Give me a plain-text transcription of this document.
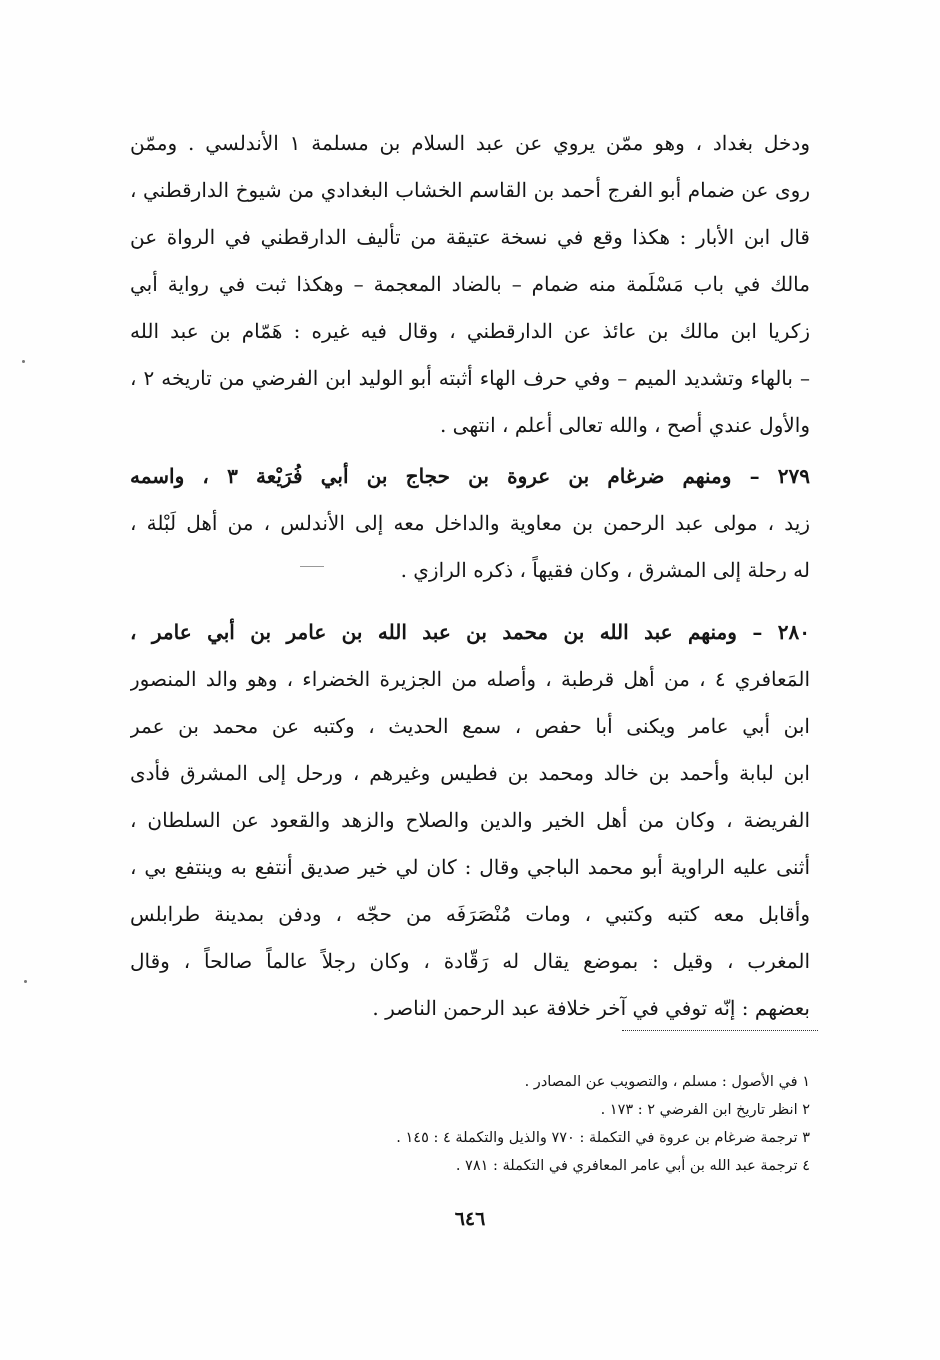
ودخل بغداد ، وهو ممّن يروي عن عبد السلام بن مسلمة ١ الأندلسي . وممّن
روى عن ضمام أبو الفرج أحمد بن القاسم الخشاب البغدادي من شيوخ الدارقطني ،
قال ابن الأبار : هكذا وقع في نسخة عتيقة من تأليف الدارقطني في الرواة عن
مالك في باب مَسْلَمة منه ضمام – بالضاد المعجمة – وهكذا ثبت في رواية أبي
زكريا ابن مالك بن عائذ عن الدارقطني ، وقال فيه غيره : هَمّام بن عبد الله
– بالهاء وتشديد الميم – وفي حرف الهاء أثبته أبو الوليد ابن الفرضي من تاريخه ٢ ،
والأول عندي أصح ، والله تعالى أعلم ، انتهى .
٢٧٩ – ومنهم ضرغام بن عروة بن حجاج بن أبي فُرَيْعة ٣ ، واسمه
زيد ، مولى عبد الرحمن بن معاوية والداخل معه إلى الأندلس ، من أهل لَبْلة ،
له رحلة إلى المشرق ، وكان فقيهاً ، ذكره الرازي .
٢٨٠ – ومنهم عبد الله بن محمد بن عبد الله بن عامر بن أبي عامر ،
المَعافري ٤ ، من أهل قرطبة ، وأصله من الجزيرة الخضراء ، وهو والد المنصور
ابن أبي عامر ويكنى أبا حفص ، سمع الحديث ، وكتبه عن محمد بن عمر
ابن لبابة وأحمد بن خالد ومحمد بن فطيس وغيرهم ، ورحل إلى المشرق فأدى
الفريضة ، وكان من أهل الخير والدين والصلاح والزهد والقعود عن السلطان ،
أثنى عليه الراوية أبو محمد الباجي وقال : كان لي خير صديق أنتفع به وينتفع بي ،
وأقابل معه كتبه وكتبي ، ومات مُنْصَرَفَه من حجّه ، ودفن بمدينة طرابلس
المغرب ، وقيل : بموضع يقال له رَقّادة ، وكان رجلاً عالماً صالحاً ، وقال
بعضهم : إنّه توفي في آخر خلافة عبد الرحمن الناصر .
١ في الأصول : مسلم ، والتصويب عن المصادر .
٢ انظر تاريخ ابن الفرضي ٢ : ١٧٣ .
٣ ترجمة ضرغام بن عروة في التكملة : ٧٧٠ والذيل والتكملة ٤ : ١٤٥ .
٤ ترجمة عبد الله بن أبي عامر المعافري في التكملة : ٧٨١ .
٦٤٦
